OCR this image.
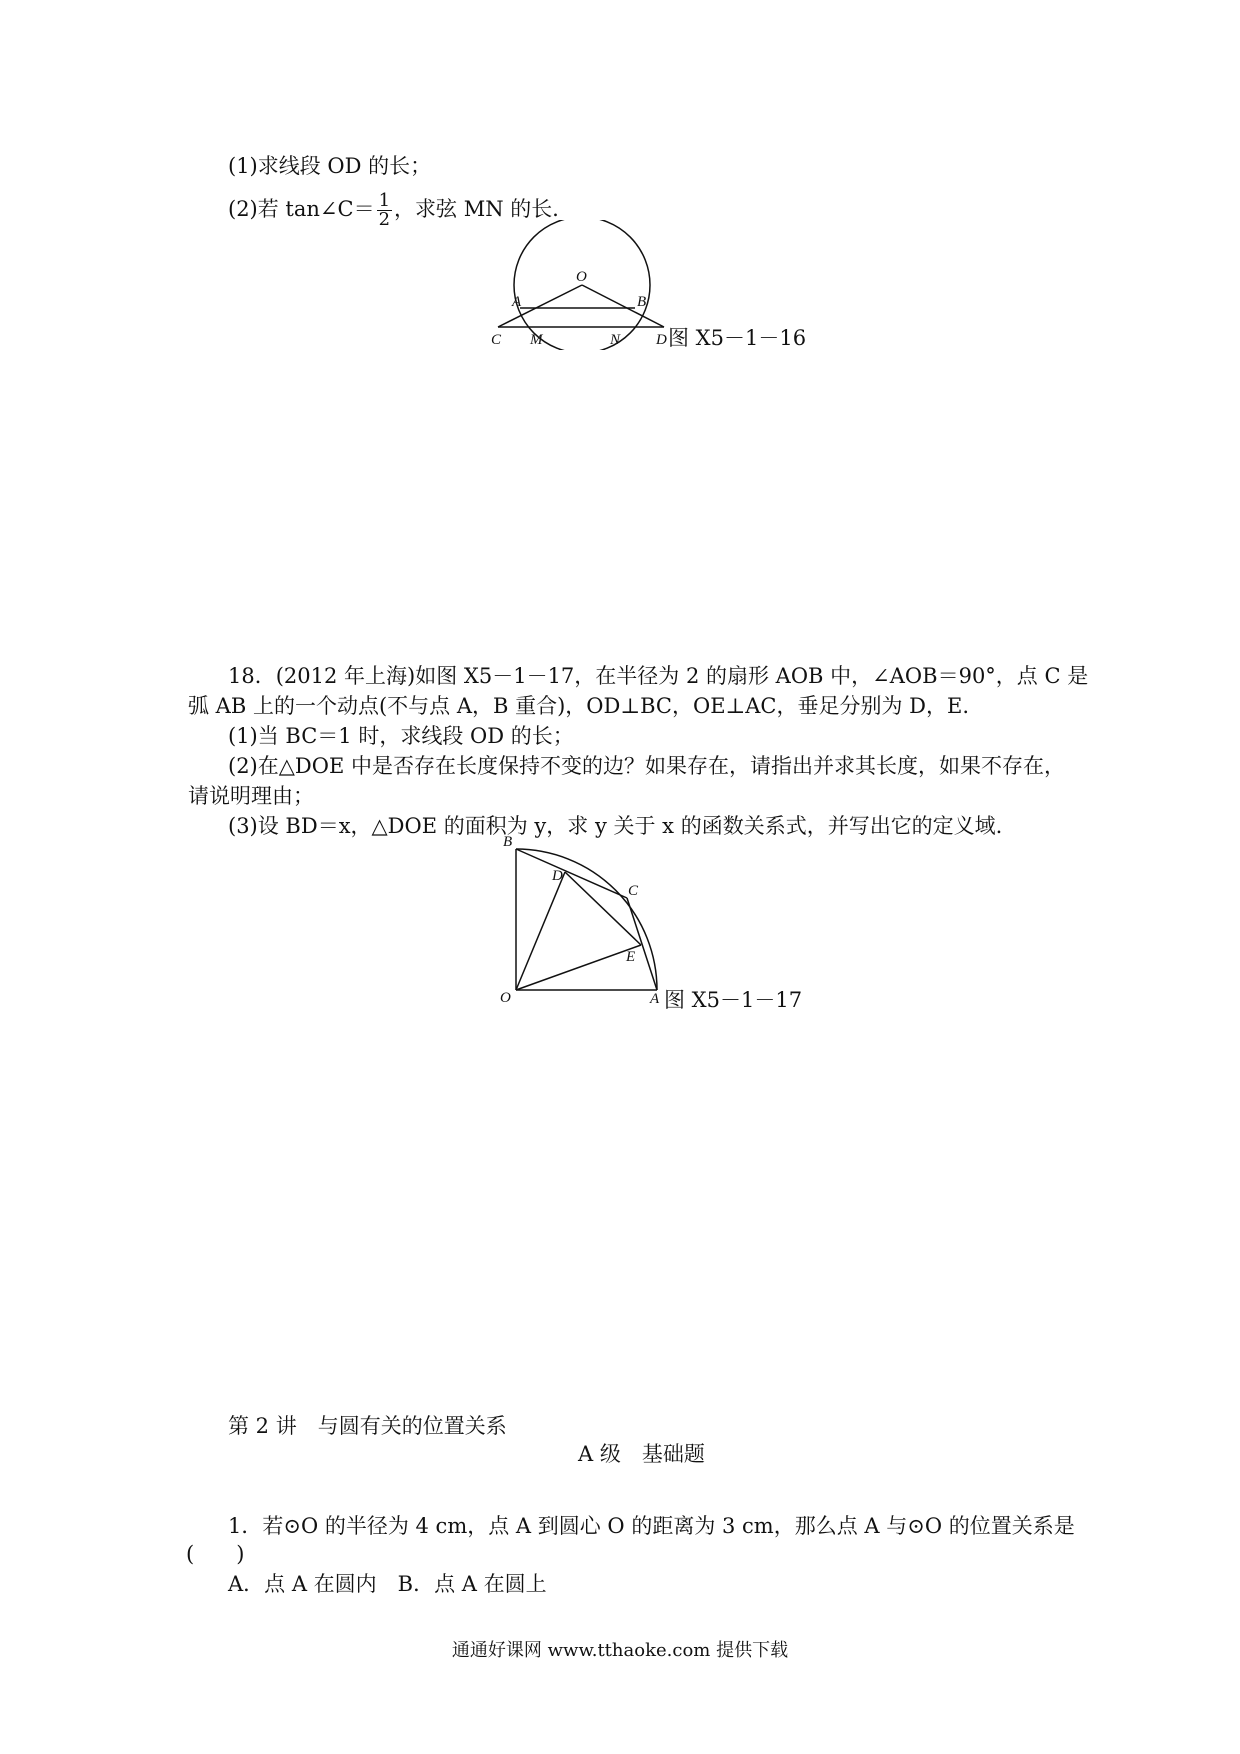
(1)求线段 OD 的长；
(2)若 tan∠C＝ $\frac{1}{2}$ ，求弦 MN 的长．
O
A	B
C M	N D 图 X5－1－16
18．(2012 年上海)如图 X5－1－17，在半径为 2 的扇形 AOB 中，∠AOB＝90°，点 C 是
弧 AB 上的一个动点(不与点 A，B 重合)，OD⊥BC，OE⊥AC，垂足分别为 D，E.
(1)当 BC＝1 时，求线段 OD 的长；
(2)在△DOE 中是否存在长度保持不变的边？如果存在，请指出并求其长度，如果不存在，
请说明理由；
(3)设 BD＝x，△DOE 的面积为 y，求 y 关于 x 的函数关系式，并写出它的定义域.
B
D
C
E
O	A 图 X5－1－17
第 2 讲　与圆有关的位置关系
A 级　基础题
1．若⊙O 的半径为 4 cm，点 A 到圆心 O 的距离为 3 cm，那么点 A 与⊙O 的位置关系是
(　　)
A．点 A 在圆内　B．点 A 在圆上
通通好课网 www.tthaoke.com 提供下载
